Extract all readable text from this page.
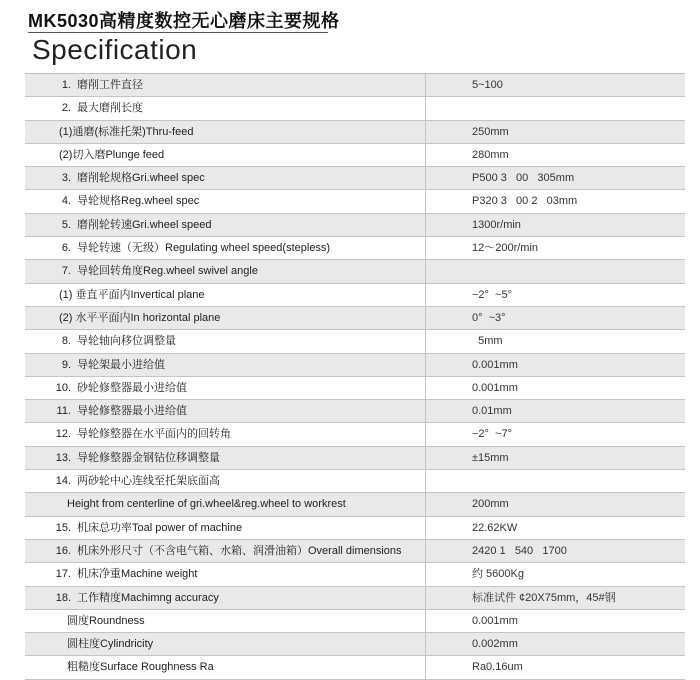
MK5030高精度数控无心磨床主要规格
Specification
1. 磨削工件直径	5~100
2. 最大磨削长度
(1)通磨(标准托架)Thru-feed	250mm
(2)切入磨Plunge feed	280mm
3. 磨削轮规格Gri.wheel spec	P500 3   00   305mm
4. 导轮规格Reg.wheel spec	P320 3   00 2   03mm
5. 磨削轮转速Gri.wheel speed	1300r/min
6. 导轮转速（无级）Regulating wheel speed(stepless)	12～200r/min
7. 导轮回转角度Reg.wheel swivel angle
(1) 垂直平面内Invertical plane	−2°  ~5°
(2) 水平平面内In horizontal plane	0°  ~3°
8. 导轮轴向移位调整量	5mm
9. 导轮架最小进给值	0.001mm
10. 砂轮修整器最小进给值	0.001mm
11. 导轮修整器最小进给值	0.01mm
12. 导轮修整器在水平面内的回转角	−2°  ~7°
13. 导轮修整器金钢钻位移调整量	±15mm
14. 两砂轮中心连线至托架底面高
Height from centerline of gri.wheel&reg.wheel to workrest	200mm
15. 机床总功率Toal power of machine	22.62KW
16. 机床外形尺寸（不含电气箱、水箱、润滑油箱）Overall dimensions	2420 1   540   1700
17. 机床净重Machine weight	约 5600Kg
18. 工作精度Machimng accuracy	标准试件 ¢20X75mm，45#钢
圆度Roundness	0.001mm
圆柱度Cylindricity	0.002mm
粗糙度Surface Roughness Ra	Ra0.16um
